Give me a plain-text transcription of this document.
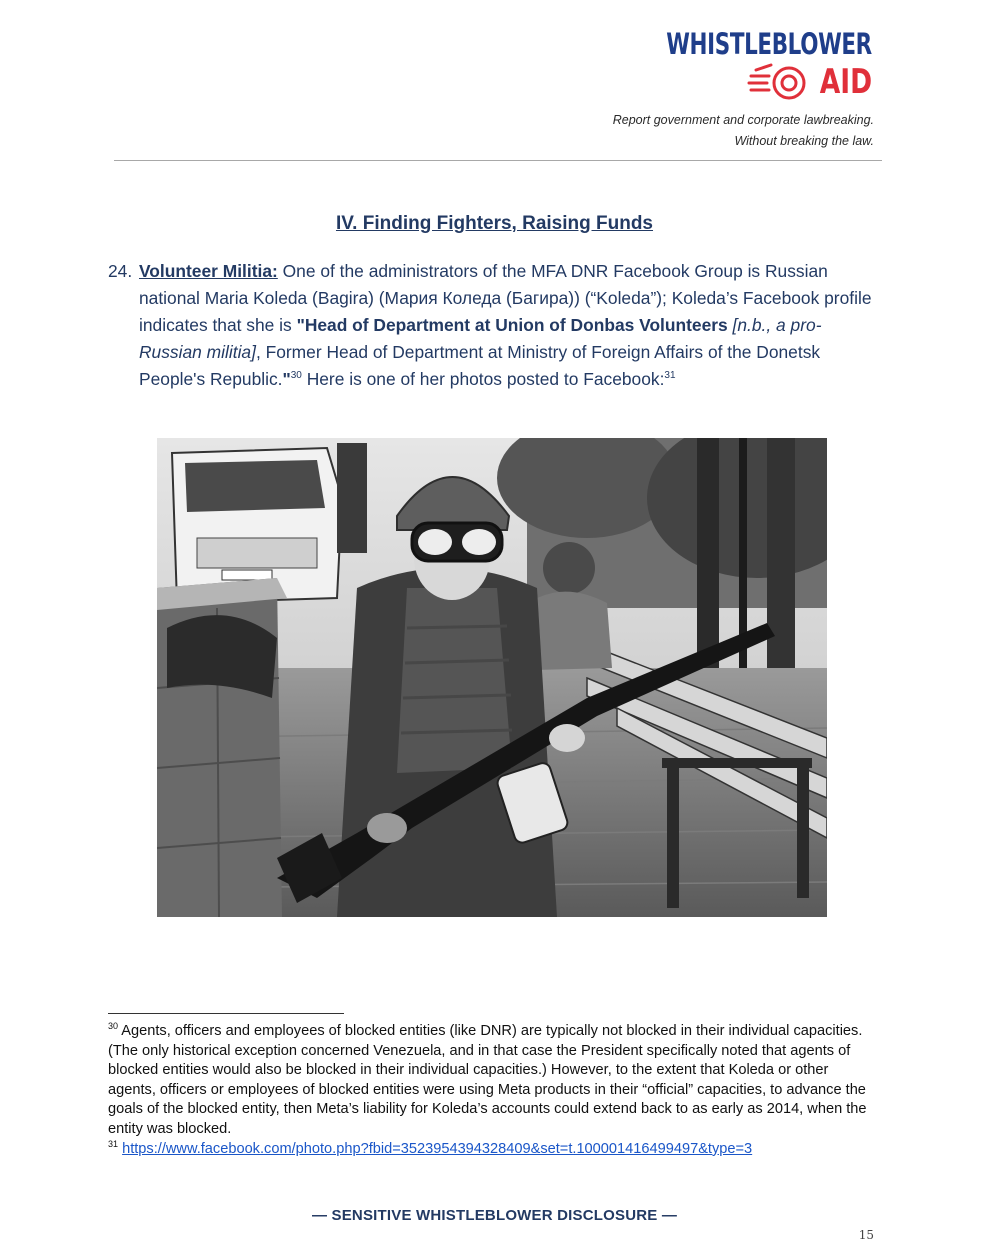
WHISTLEBLOWER
AID
Report government and corporate lawbreaking.
Without breaking the law.
IV. Finding Fighters, Raising Funds
24. Volunteer Militia: One of the administrators of the MFA DNR Facebook Group is Russian national Maria Koleda (Bagira) (Мария Коледа (Багира)) (“Koleda”); Koleda’s Facebook profile indicates that she is "Head of Department at Union of Donbas Volunteers [n.b., a pro-Russian militia], Former Head of Department at Ministry of Foreign Affairs of the Donetsk People's Republic."$^{30}$ Here is one of her photos posted to Facebook:$^{31}$

$^{30}$ Agents, officers and employees of blocked entities (like DNR) are typically not blocked in their individual capacities. (The only historical exception concerned Venezuela, and in that case the President specifically noted that agents of blocked entities would also be blocked in their individual capacities.) However, to the extent that Koleda or other agents, officers or employees of blocked entities were using Meta products in their “official” capacities, to advance the goals of the blocked entity, then Meta’s liability for Koleda’s accounts could extend back to as early as 2014, when the entity was blocked.

$^{31}$ https://www.facebook.com/photo.php?fbid=3523954394328409&set=t.100001416499497&type=3

— SENSITIVE WHISTLEBLOWER DISCLOSURE —
15
